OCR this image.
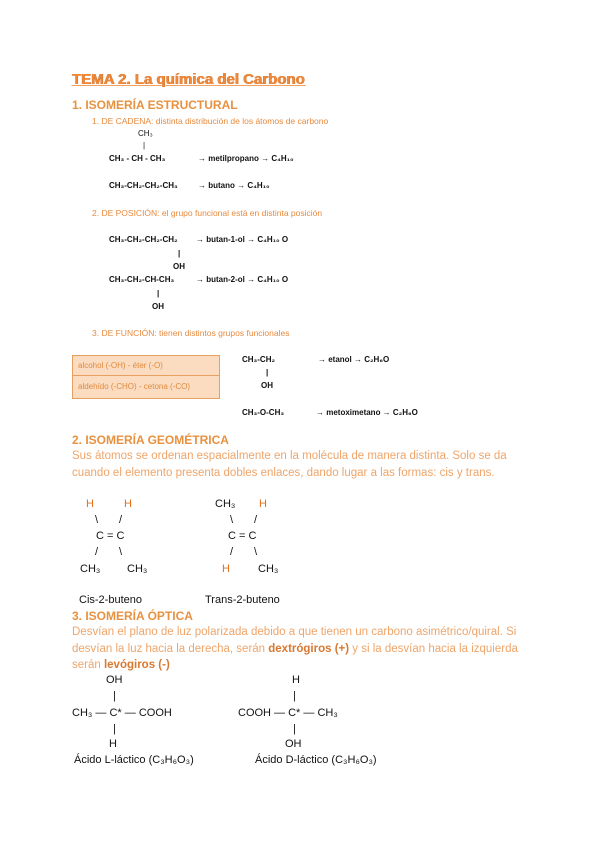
TEMA 2. La química del Carbono
1. ISOMERÍA ESTRUCTURAL
1. DE CADENA: distinta distribución de los átomos de carbono
CH₃
|
CH₃ - CH - CH₃	→ metilpropano → C₄H₁₀
CH₃-CH₂-CH₂-CH₃	→ butano → C₄H₁₀
2. DE POSICIÓN: el grupo funcional está en distinta posición
CH₃-CH₂-CH₂-CH₂ → butan-1-ol → C₄H₁₀ O
|
OH
CH₃-CH₂-CH-CH₃	→ butan-2-ol → C₄H₁₀ O
|
OH
3. DE FUNCIÓN: tienen distintos grupos funcionales
alcohol (-OH) - éter (-O)
aldehído (-CHO) - cetona (-CO)
CH₃-CH₂	→ etanol → C₂H₆O
|
OH
CH₃-O-CH₃	→ metoximetano → C₂H₆O
2. ISOMERÍA GEOMÉTRICA
Sus átomos se ordenan espacialmente en la molécula de manera distinta. Solo se da cuando el elemento presenta dobles enlaces, dando lugar a las formas: cis y trans.
H	H
\ /
C = C
/ \
CH₃ CH₃
Cis-2-buteno
CH₃ H
\ /
C = C
/ \
H	CH₃
Trans-2-buteno
3. ISOMERÍA ÓPTICA
Desvían el plano de luz polarizada debido a que tienen un carbono asimétrico/quiral. Si desvían la luz hacia la derecha, serán dextrógiros (+) y si la desvían hacia la izquierda serán levógiros (-)
OH
|
CH₃ — C* — COOH
|
H
Ácido L-láctico (C₃H₆O₃)
H
|
COOH — C* — CH₃
|
OH
Ácido D-láctico (C₃H₆O₃)
